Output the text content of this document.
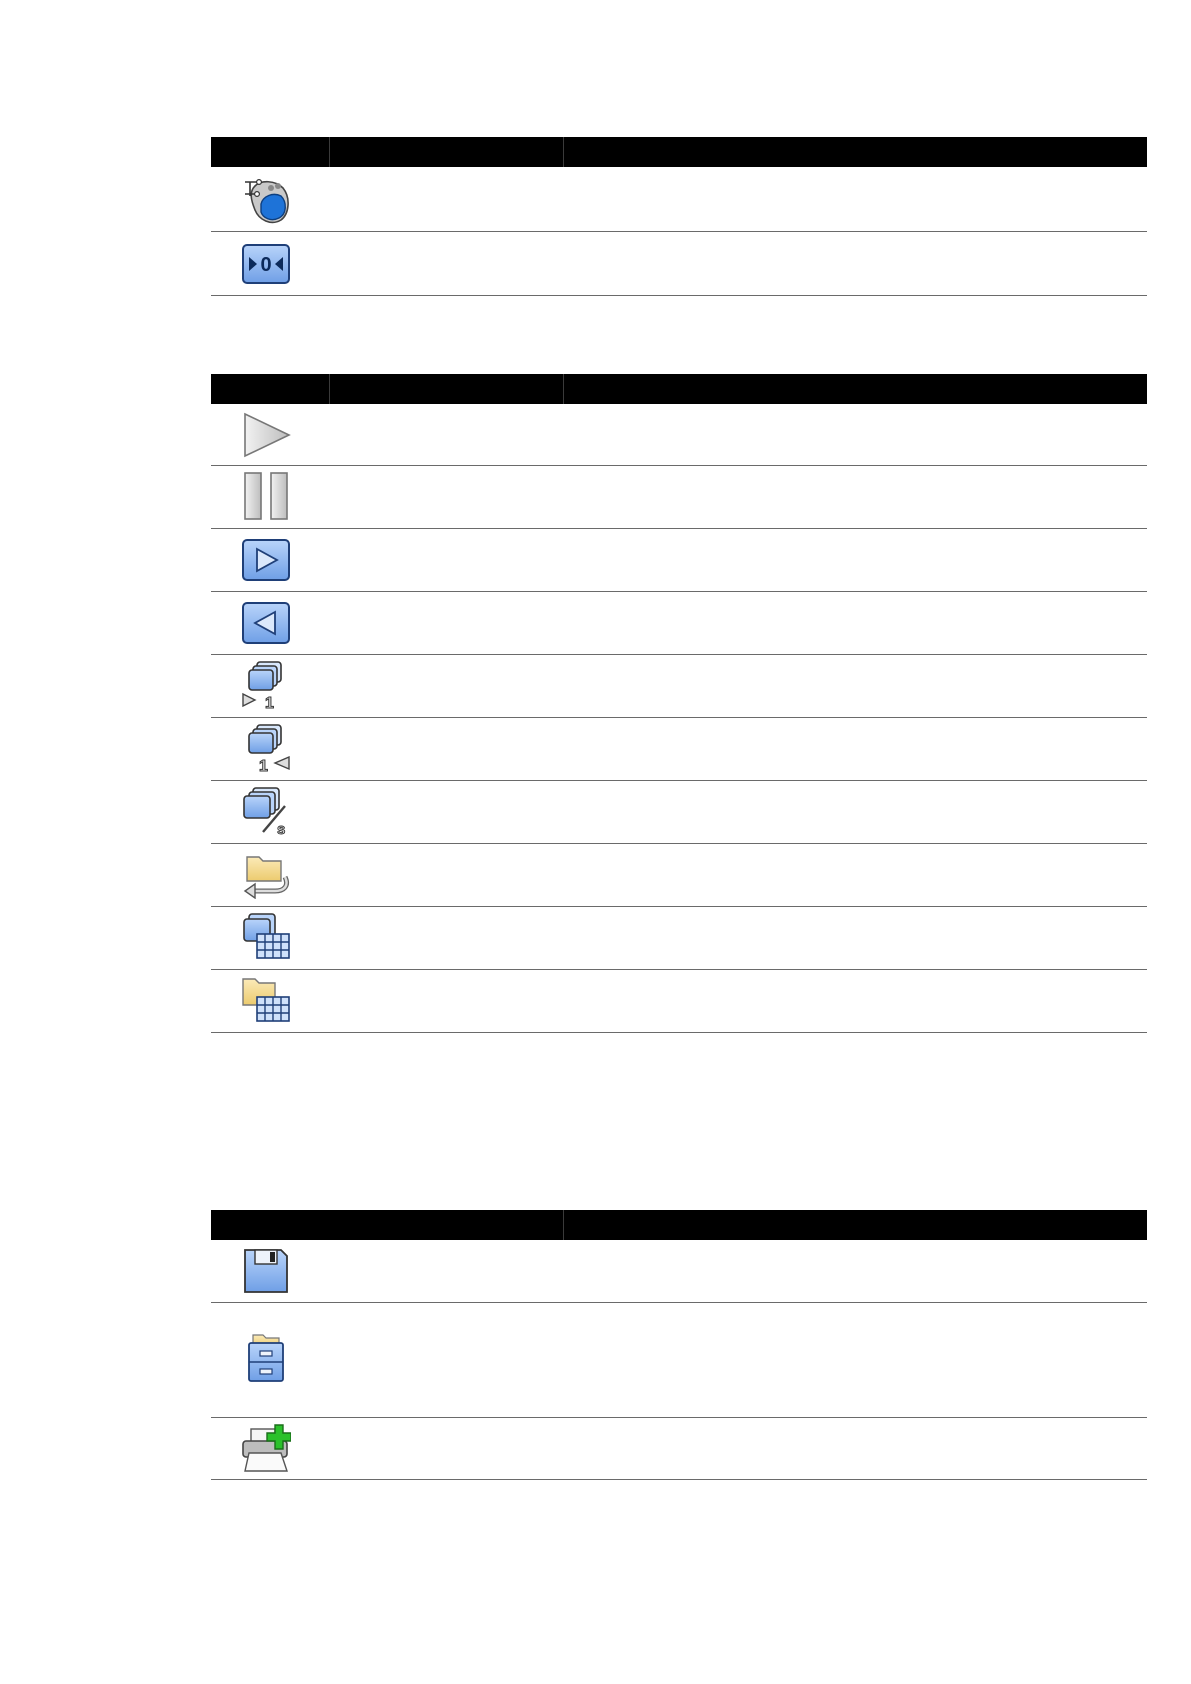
0
1
1
s
